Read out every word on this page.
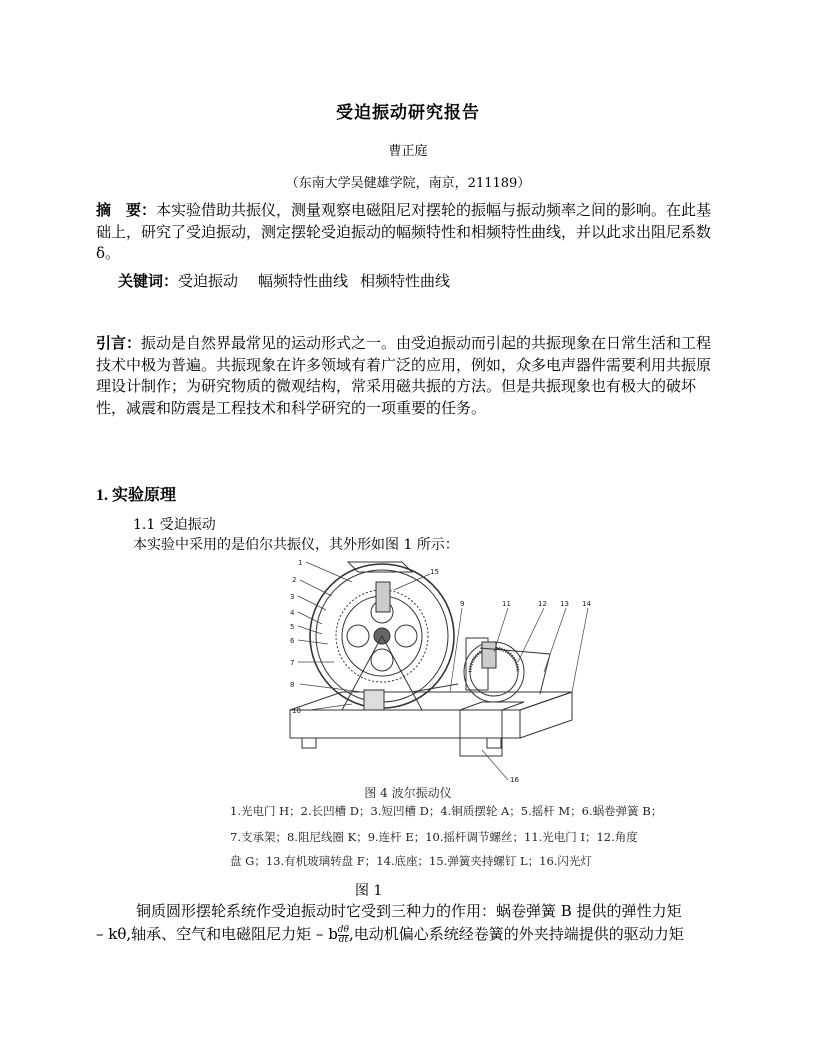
受迫振动研究报告
曹正庭
（东南大学吴健雄学院，南京，211189）
摘　要：本实验借助共振仪，测量观察电磁阻尼对摆轮的振幅与振动频率之间的影响。在此基础上，研究了受迫振动，测定摆轮受迫振动的幅频特性和相频特性曲线，并以此求出阻尼系数δ。
关键词：受迫振动 幅频特性曲线 相频特性曲线
引言：振动是自然界最常见的运动形式之一。由受迫振动而引起的共振现象在日常生活和工程技术中极为普遍。共振现象在许多领域有着广泛的应用，例如，众多电声器件需要利用共振原理设计制作；为研究物质的微观结构，常采用磁共振的方法。但是共振现象也有极大的破坏性，减震和防震是工程技术和科学研究的一项重要的任务。
1. 实验原理
1.1 受迫振动
本实验中采用的是伯尔共振仪，其外形如图 1 所示：
1
2
3
4
5
6
7
8
10
9	11	12 13 14
15
16
图 4 波尔振动仪
1.光电门 H；2.长凹槽 D；3.短凹槽 D；4.铜质摆轮 A；5.摇杆 M；6.蜗卷弹簧 B；
7.支承架；8.阻尼线圈 K；9.连杆 E；10.摇杆调节螺丝；11.光电门 I；12.角度
盘 G；13.有机玻璃转盘 F；14.底座；15.弹簧夹持螺钉 L；16.闪光灯
图 1
铜质圆形摆轮系统作受迫振动时它受到三种力的作用：蜗卷弹簧 B 提供的弹性力矩
– kθ,轴承、空气和电磁阻尼力矩 – b $\frac{d\theta}{dt}$ ,电动机偏心系统经卷簧的外夹持端提供的驱动力矩
